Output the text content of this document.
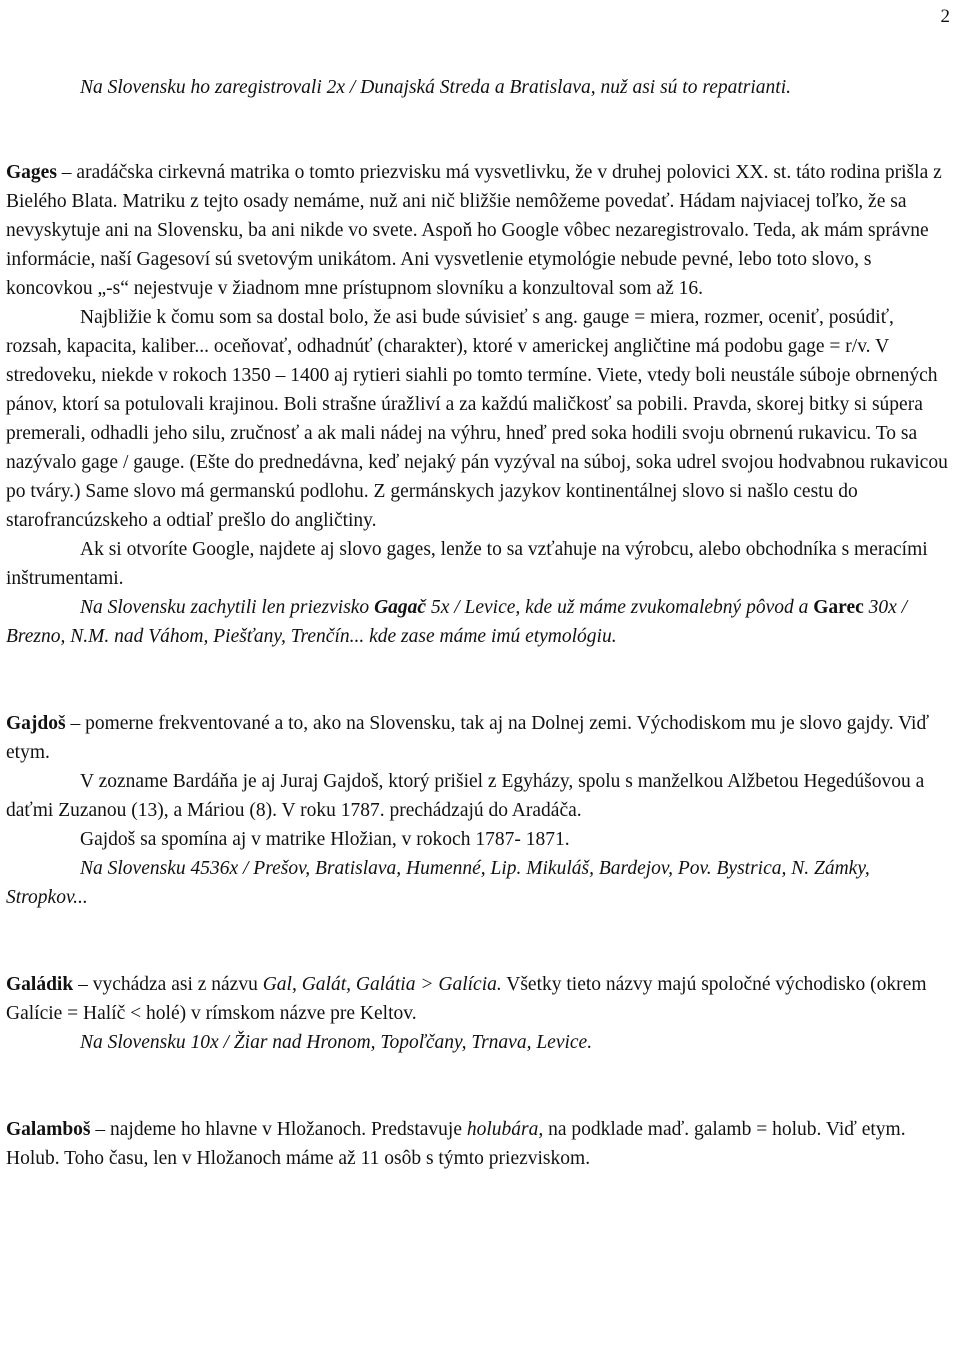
2

Na Slovensku ho zaregistrovali 2x / Dunajská Streda a Bratislava, nuž asi sú to repatrianti.

Gages – aradáčska cirkevná matrika o tomto priezvisku má vysvetlivku, že v druhej polovici XX. st. táto rodina prišla z Bielého Blata. Matriku z tejto osady nemáme, nuž ani nič bližšie nemôžeme povedať. Hádam najviacej toľko, že sa nevyskytuje ani na Slovensku, ba ani nikde vo svete. Aspoň ho Google vôbec nezaregistrovalo. Teda, ak mám správne informácie, naší Gagesoví sú svetovým unikátom. Ani vysvetlenie etymológie nebude pevné, lebo toto slovo, s koncovkou „-s“ nejestvuje v žiadnom mne prístupnom slovníku a konzultoval som až 16.

Najbližie k čomu som sa dostal bolo, že asi bude súvisieť s ang. gauge = miera, rozmer, oceniť, posúdiť, rozsah, kapacita, kaliber... oceňovať, odhadnúť (charakter), ktoré v americkej angličtine má podobu gage = r/v. V stredoveku, niekde v rokoch 1350 – 1400 aj rytieri siahli po tomto termíne. Viete, vtedy boli neustále súboje obrnených pánov, ktorí sa potulovali krajinou. Boli strašne úražliví a za každú maličkosť sa pobili. Pravda, skorej bitky si súpera premerali, odhadli jeho silu, zručnosť a ak mali nádej na výhru, hneď pred soka hodili svoju obrnenú rukavicu. To sa nazývalo gage / gauge. (Ešte do prednedávna, keď nejaký pán vyzýval na súboj, soka udrel svojou hodvabnou rukavicou po tváry.) Same slovo má germanskú podlohu. Z germánskych jazykov kontinentálnej slovo si našlo cestu do starofrancúzskeho a odtiaľ prešlo do angličtiny.

Ak si otvoríte Google, najdete aj slovo gages, lenže to sa vzťahuje na výrobcu, alebo obchodníka s meracími inštrumentami.

Na Slovensku zachytili len priezvisko Gagač 5x / Levice, kde už máme zvukomalebný pôvod a Garec 30x / Brezno, N.M. nad Váhom, Piešťany, Trenčín... kde zase máme imú etymológiu.

Gajdoš – pomerne frekventované a to, ako na Slovensku, tak aj na Dolnej zemi. Východiskom mu je slovo gajdy. Viď etym.

V zozname Bardáňa je aj Juraj Gajdoš, ktorý prišiel z Egyházy, spolu s manželkou Alžbetou Hegedúšovou a daťmi Zuzanou (13), a Máriou (8). V roku 1787. prechádzajú do Aradáča.

Gajdoš sa spomína aj v matrike Hložian, v rokoch 1787- 1871.

Na Slovensku 4536x / Prešov, Bratislava, Humenné, Lip. Mikuláš, Bardejov, Pov. Bystrica, N. Zámky, Stropkov...

Galádik – vychádza asi z názvu Gal, Galát, Galátia > Galícia. Všetky tieto názvy majú spoločné východisko (okrem Galície = Halíč < holé) v rímskom názve pre Keltov.

Na Slovensku 10x / Žiar nad Hronom, Topoľčany, Trnava, Levice.

Galamboš – najdeme ho hlavne v Hložanoch. Predstavuje holubára, na podklade maď. galamb = holub. Viď etym. Holub. Toho času, len v Hložanoch máme až 11 osôb s týmto priezviskom.
